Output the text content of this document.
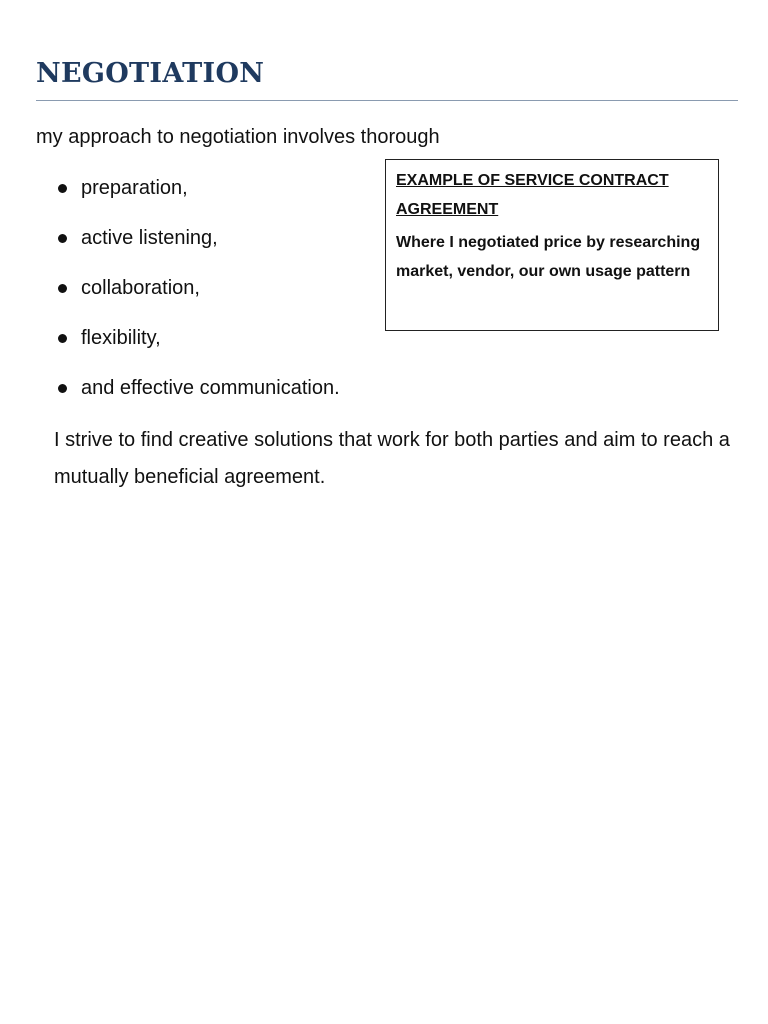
NEGOTIATION
my approach to negotiation involves thorough
preparation,
active listening,
collaboration,
flexibility,
and effective communication.
I strive to find creative solutions that work for both parties and aim to reach a mutually beneficial agreement.
EXAMPLE OF SERVICE CONTRACT AGREEMENT
Where I negotiated price by researching market, vendor, our own usage pattern
